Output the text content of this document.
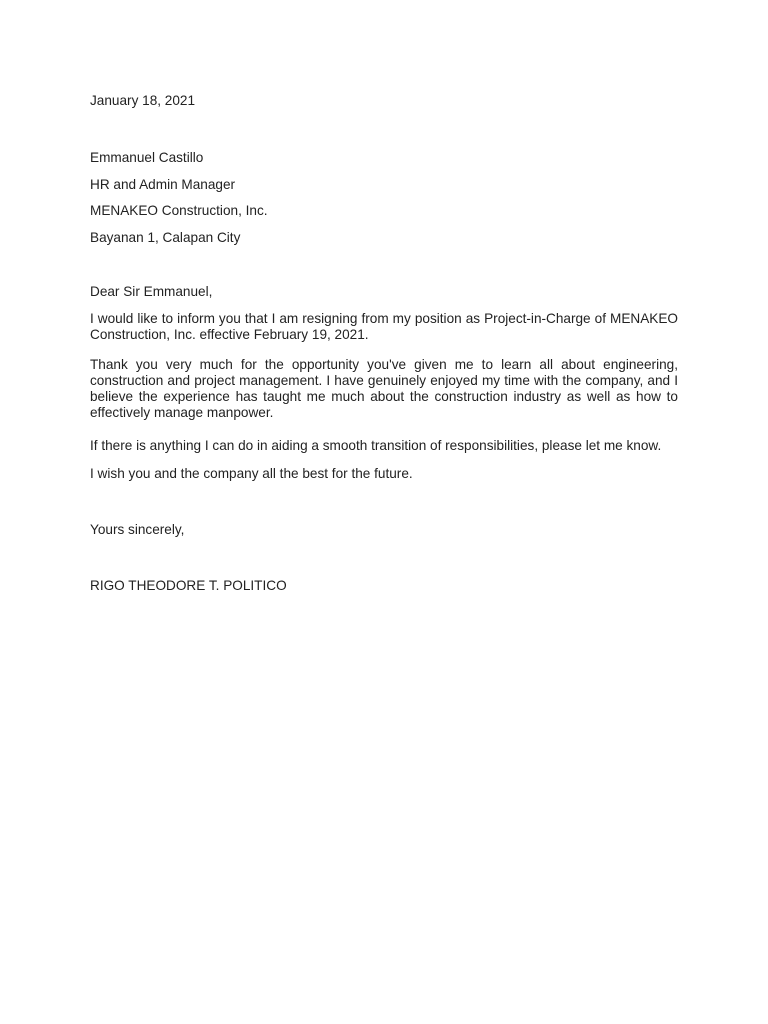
January 18, 2021

Emmanuel Castillo

HR and Admin Manager

MENAKEO Construction, Inc.

Bayanan 1, Calapan City

Dear Sir Emmanuel,

I would like to inform you that I am resigning from my position as Project-in-Charge of MENAKEO Construction, Inc. effective February 19, 2021.

Thank you very much for the opportunity you've given me to learn all about engineering, construction and project management. I have genuinely enjoyed my time with the company, and I believe the experience has taught me much about the construction industry as well as how to effectively manage manpower.

If there is anything I can do in aiding a smooth transition of responsibilities, please let me know.

I wish you and the company all the best for the future.

Yours sincerely,

RIGO THEODORE T. POLITICO
